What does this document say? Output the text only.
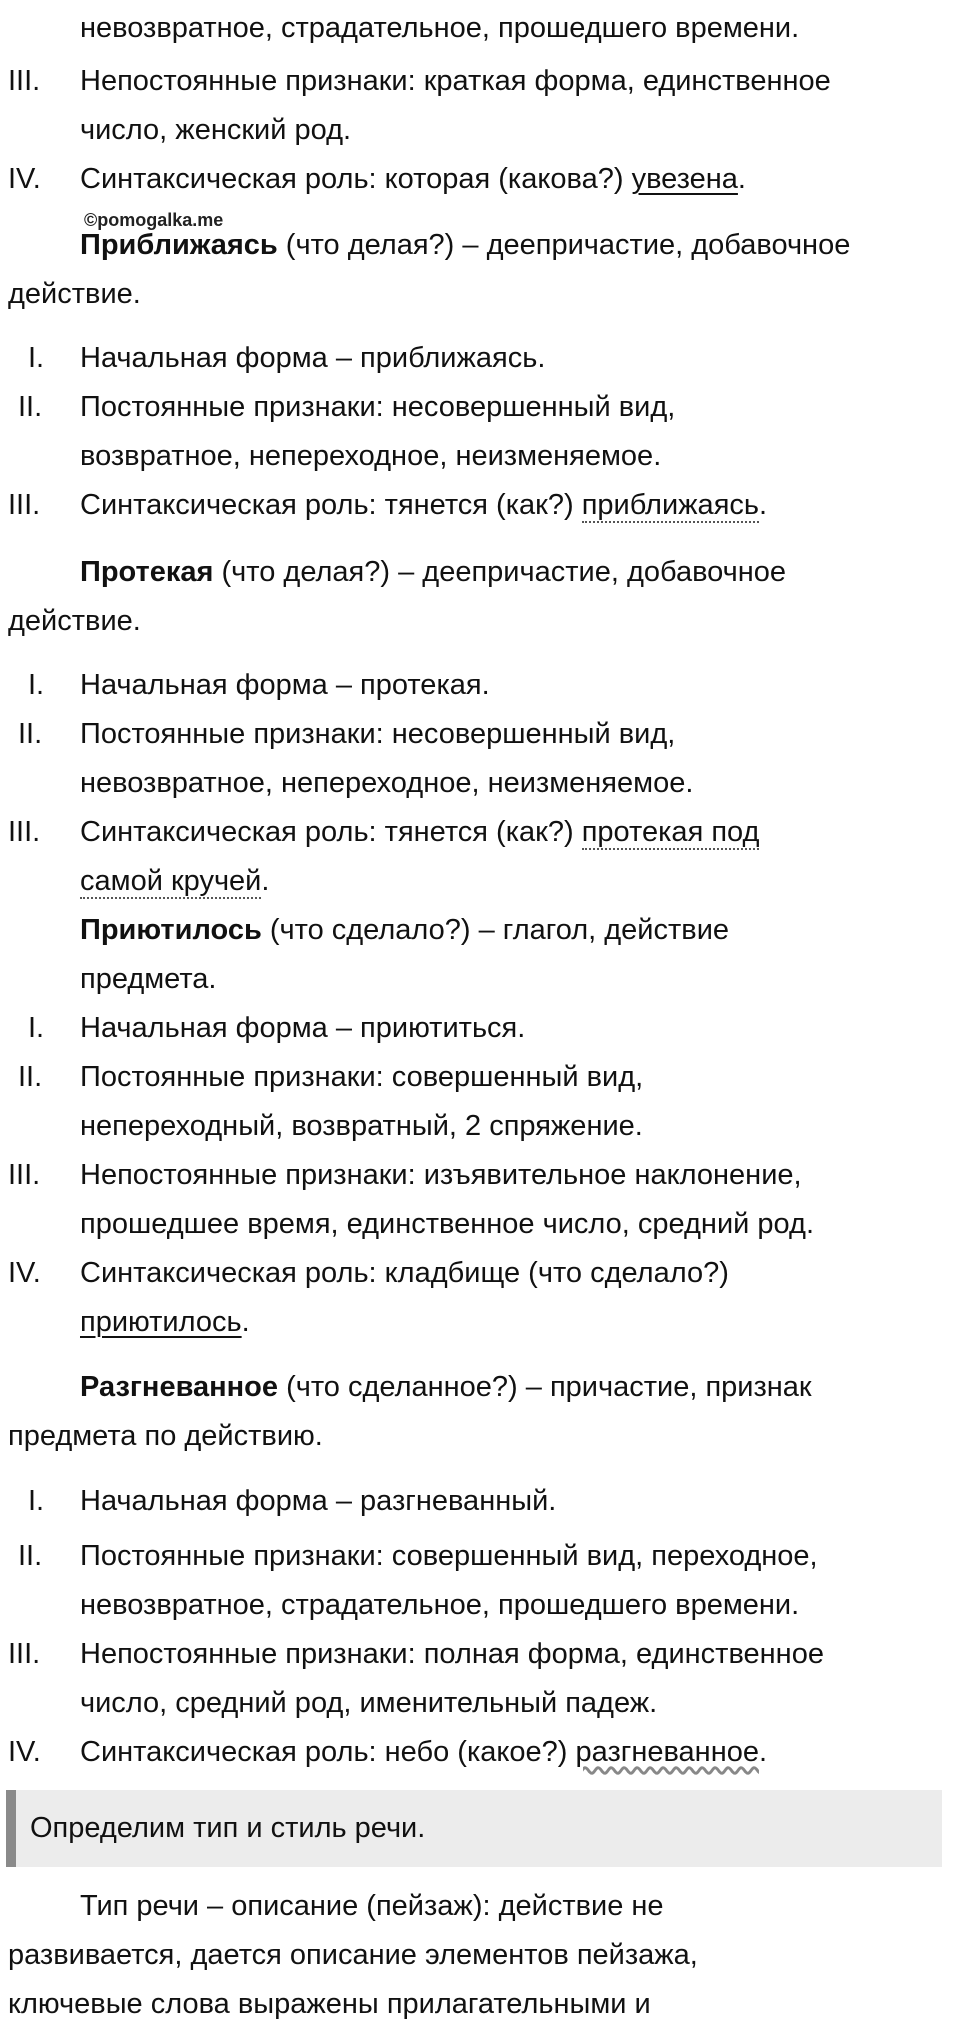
невозвратное, страдательное, прошедшего времени.
III.	Непостоянные признаки: краткая форма, единственное
число, женский род.
IV.	Синтаксическая роль: которая (какова?) увезена.
©pomogalka.me
Приближаясь (что делая?) – деепричастие, добавочное
действие.
I.	Начальная форма – приближаясь.
II.	Постоянные признаки: несовершенный вид,
возвратное, непереходное, неизменяемое.
III.	Синтаксическая роль: тянется (как?) приближаясь.
Протекая (что делая?) – деепричастие, добавочное
действие.
I.	Начальная форма – протекая.
II.	Постоянные признаки: несовершенный вид,
невозвратное, непереходное, неизменяемое.
III.	Синтаксическая роль: тянется (как?) протекая под
самой кручей.
Приютилось (что сделало?) – глагол, действие
предмета.
I.	Начальная форма – приютиться.
II.	Постоянные признаки: совершенный вид,
непереходный, возвратный, 2 спряжение.
III.	Непостоянные признаки: изъявительное наклонение,
прошедшее время, единственное число, средний род.
IV.	Синтаксическая роль: кладбище (что сделало?)
приютилось.
Разгневанное (что сделанное?) – причастие, признак
предмета по действию.
I.	Начальная форма – разгневанный.
II.	Постоянные признаки: совершенный вид, переходное,
невозвратное, страдательное, прошедшего времени.
III.	Непостоянные признаки: полная форма, единственное
число, средний род, именительный падеж.
IV.	Синтаксическая роль: небо (какое?) разгневанное.
Определим тип и стиль речи.
Тип речи – описание (пейзаж): действие не
развивается, дается описание элементов пейзажа,
ключевые слова выражены прилагательными и
